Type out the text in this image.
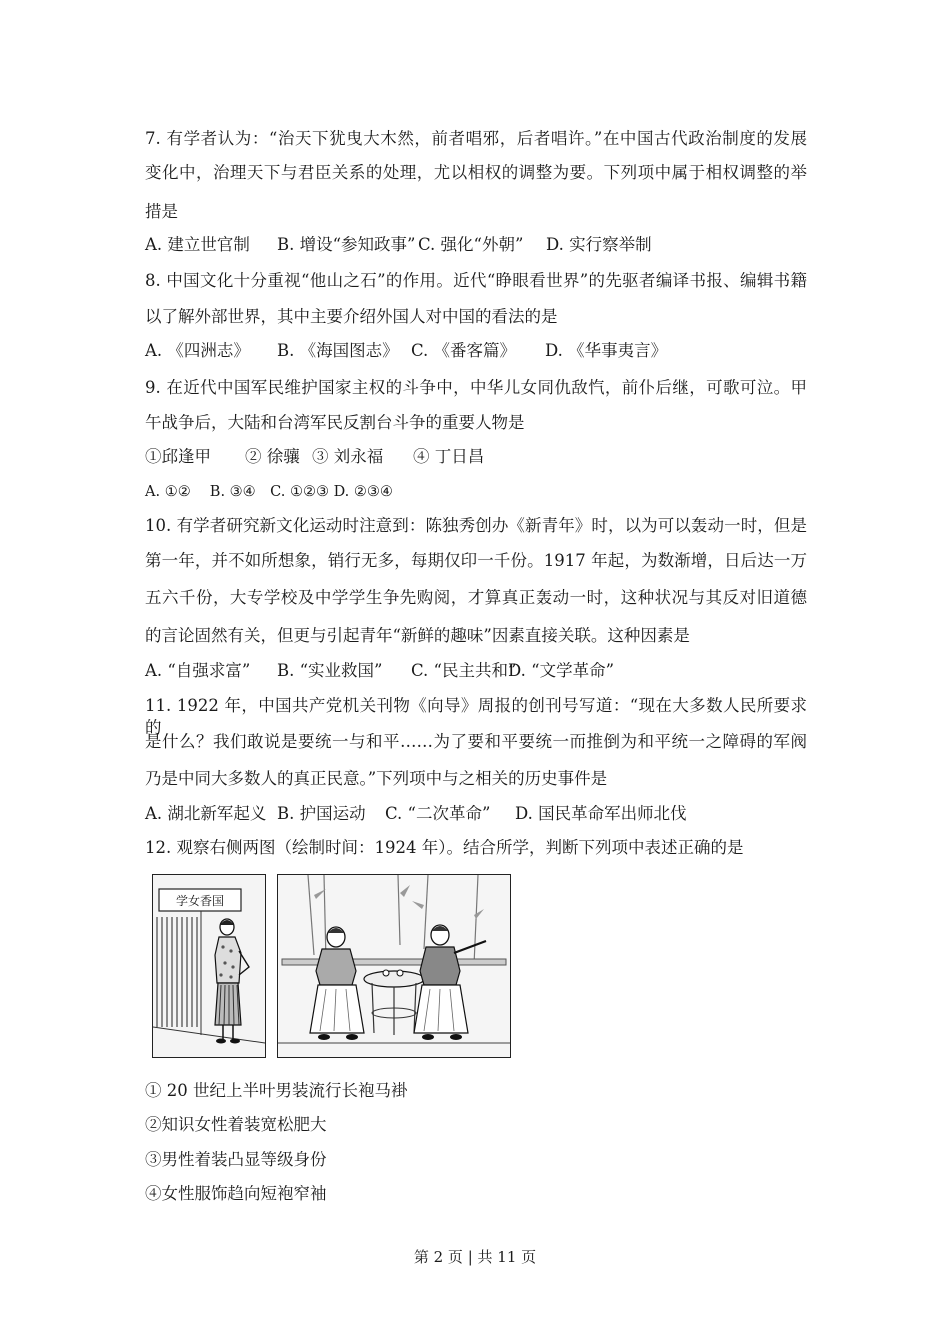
7. 有学者认为：“治天下犹曳大木然，前者唱邪，后者唱许。”在中国古代政治制度的发展
变化中，治理天下与君臣关系的处理，尤以相权的调整为要。下列项中属于相权调整的举
措是
A. 建立世官制 B. 增设“参知政事” C. 强化“外朝” D. 实行察举制
8. 中国文化十分重视“他山之石”的作用。近代“睁眼看世界”的先驱者编译书报、编辑书籍
以了解外部世界，其中主要介绍外国人对中国的看法的是
A. 《四洲志》 B. 《海国图志》 C. 《番客篇》 D. 《华事夷言》
9. 在近代中国军民维护国家主权的斗争中，中华儿女同仇敌忾，前仆后继，可歌可泣。甲
午战争后，大陆和台湾军民反割台斗争的重要人物是
①邱逢甲 ② 徐骧 ③ 刘永福 ④ 丁日昌
A. ①②　 B. ③④　C. ①②③ D. ②③④
10. 有学者研究新文化运动时注意到：陈独秀创办《新青年》时，以为可以轰动一时，但是
第一年，并不如所想象，销行无多，每期仅印一千份。1917 年起，为数渐增，日后达一万
五六千份，大专学校及中学学生争先购阅，才算真正轰动一时，这种状况与其反对旧道德
的言论固然有关，但更与引起青年“新鲜的趣味”因素直接关联。这种因素是
A. “自强求富” B. “实业救国” C. “民主共和”
D. “文学革命”
11. 1922 年，中国共产党机关刊物《向导》周报的创刊号写道：“现在大多数人民所要求的
是什么？我们敢说是要统一与和平……为了要和平要统一而推倒为和平统一之障碍的军阀
乃是中同大多数人的真正民意。”下列项中与之相关的历史事件是
A. 湖北新军起义 B. 护国运动 C. “二次革命” D. 国民革命军出师北伐
12. 观察右侧两图（绘制时间：1924 年）。结合所学，判断下列项中表述正确的是
学女香国
① 20 世纪上半叶男装流行长袍马褂
②知识女性着装宽松肥大
③男性着装凸显等级身份
④女性服饰趋向短袍窄袖
第 2 页 | 共 11 页
